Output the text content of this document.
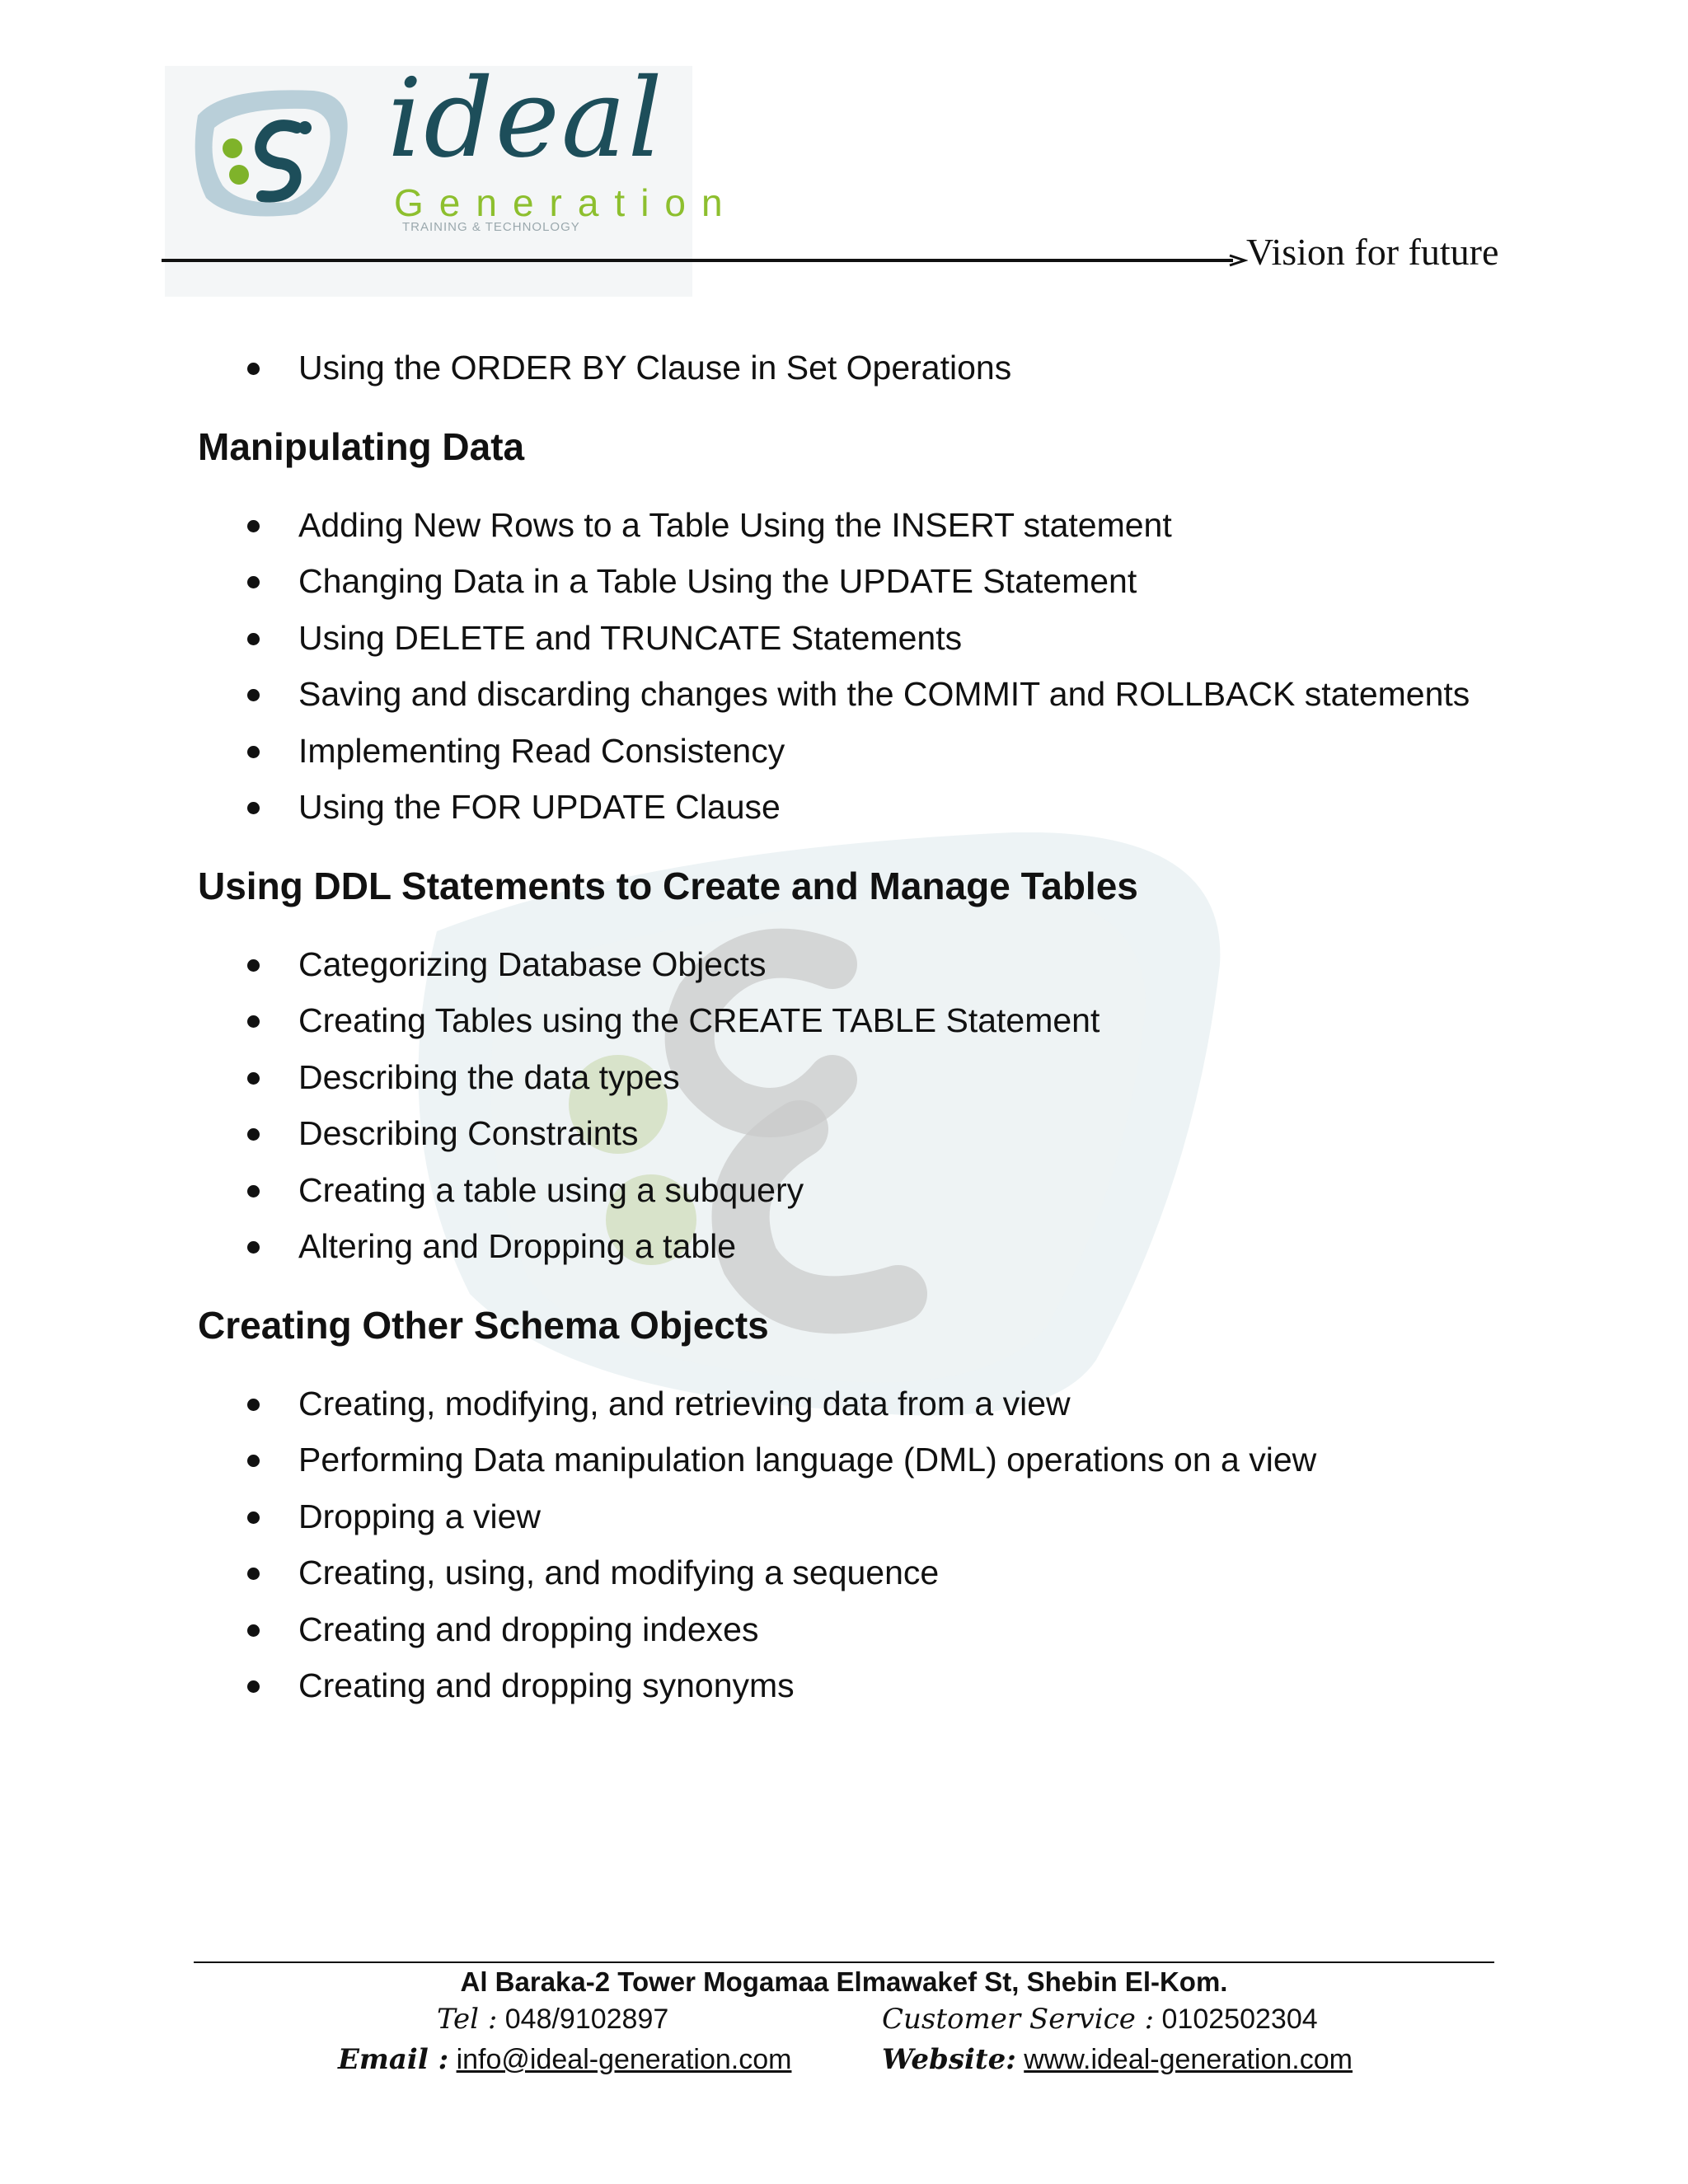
ideal
Generation
TRAINING & TECHNOLOGY
Vision for future
Using the ORDER BY Clause in Set Operations
Manipulating Data
Adding New Rows to a Table Using the INSERT statement
Changing Data in a Table Using the UPDATE Statement
Using DELETE and TRUNCATE Statements
Saving and discarding changes with the COMMIT and ROLLBACK statements
Implementing Read Consistency
Using the FOR UPDATE Clause
Using DDL Statements to Create and Manage Tables
Categorizing Database Objects
Creating Tables using the CREATE TABLE Statement
Describing the data types
Describing Constraints
Creating a table using a subquery
Altering and Dropping a table
Creating Other Schema Objects
Creating, modifying, and retrieving data from a view
Performing Data manipulation language (DML) operations on a view
Dropping a view
Creating, using, and modifying a sequence
Creating and dropping indexes
Creating and dropping synonyms
Al Baraka-2 Tower Mogamaa Elmawakef St, Shebin El-Kom.
Tel : 048/9102897	Customer Service : 0102502304
Email : info@ideal-generation.com	Website: www.ideal-generation.com
